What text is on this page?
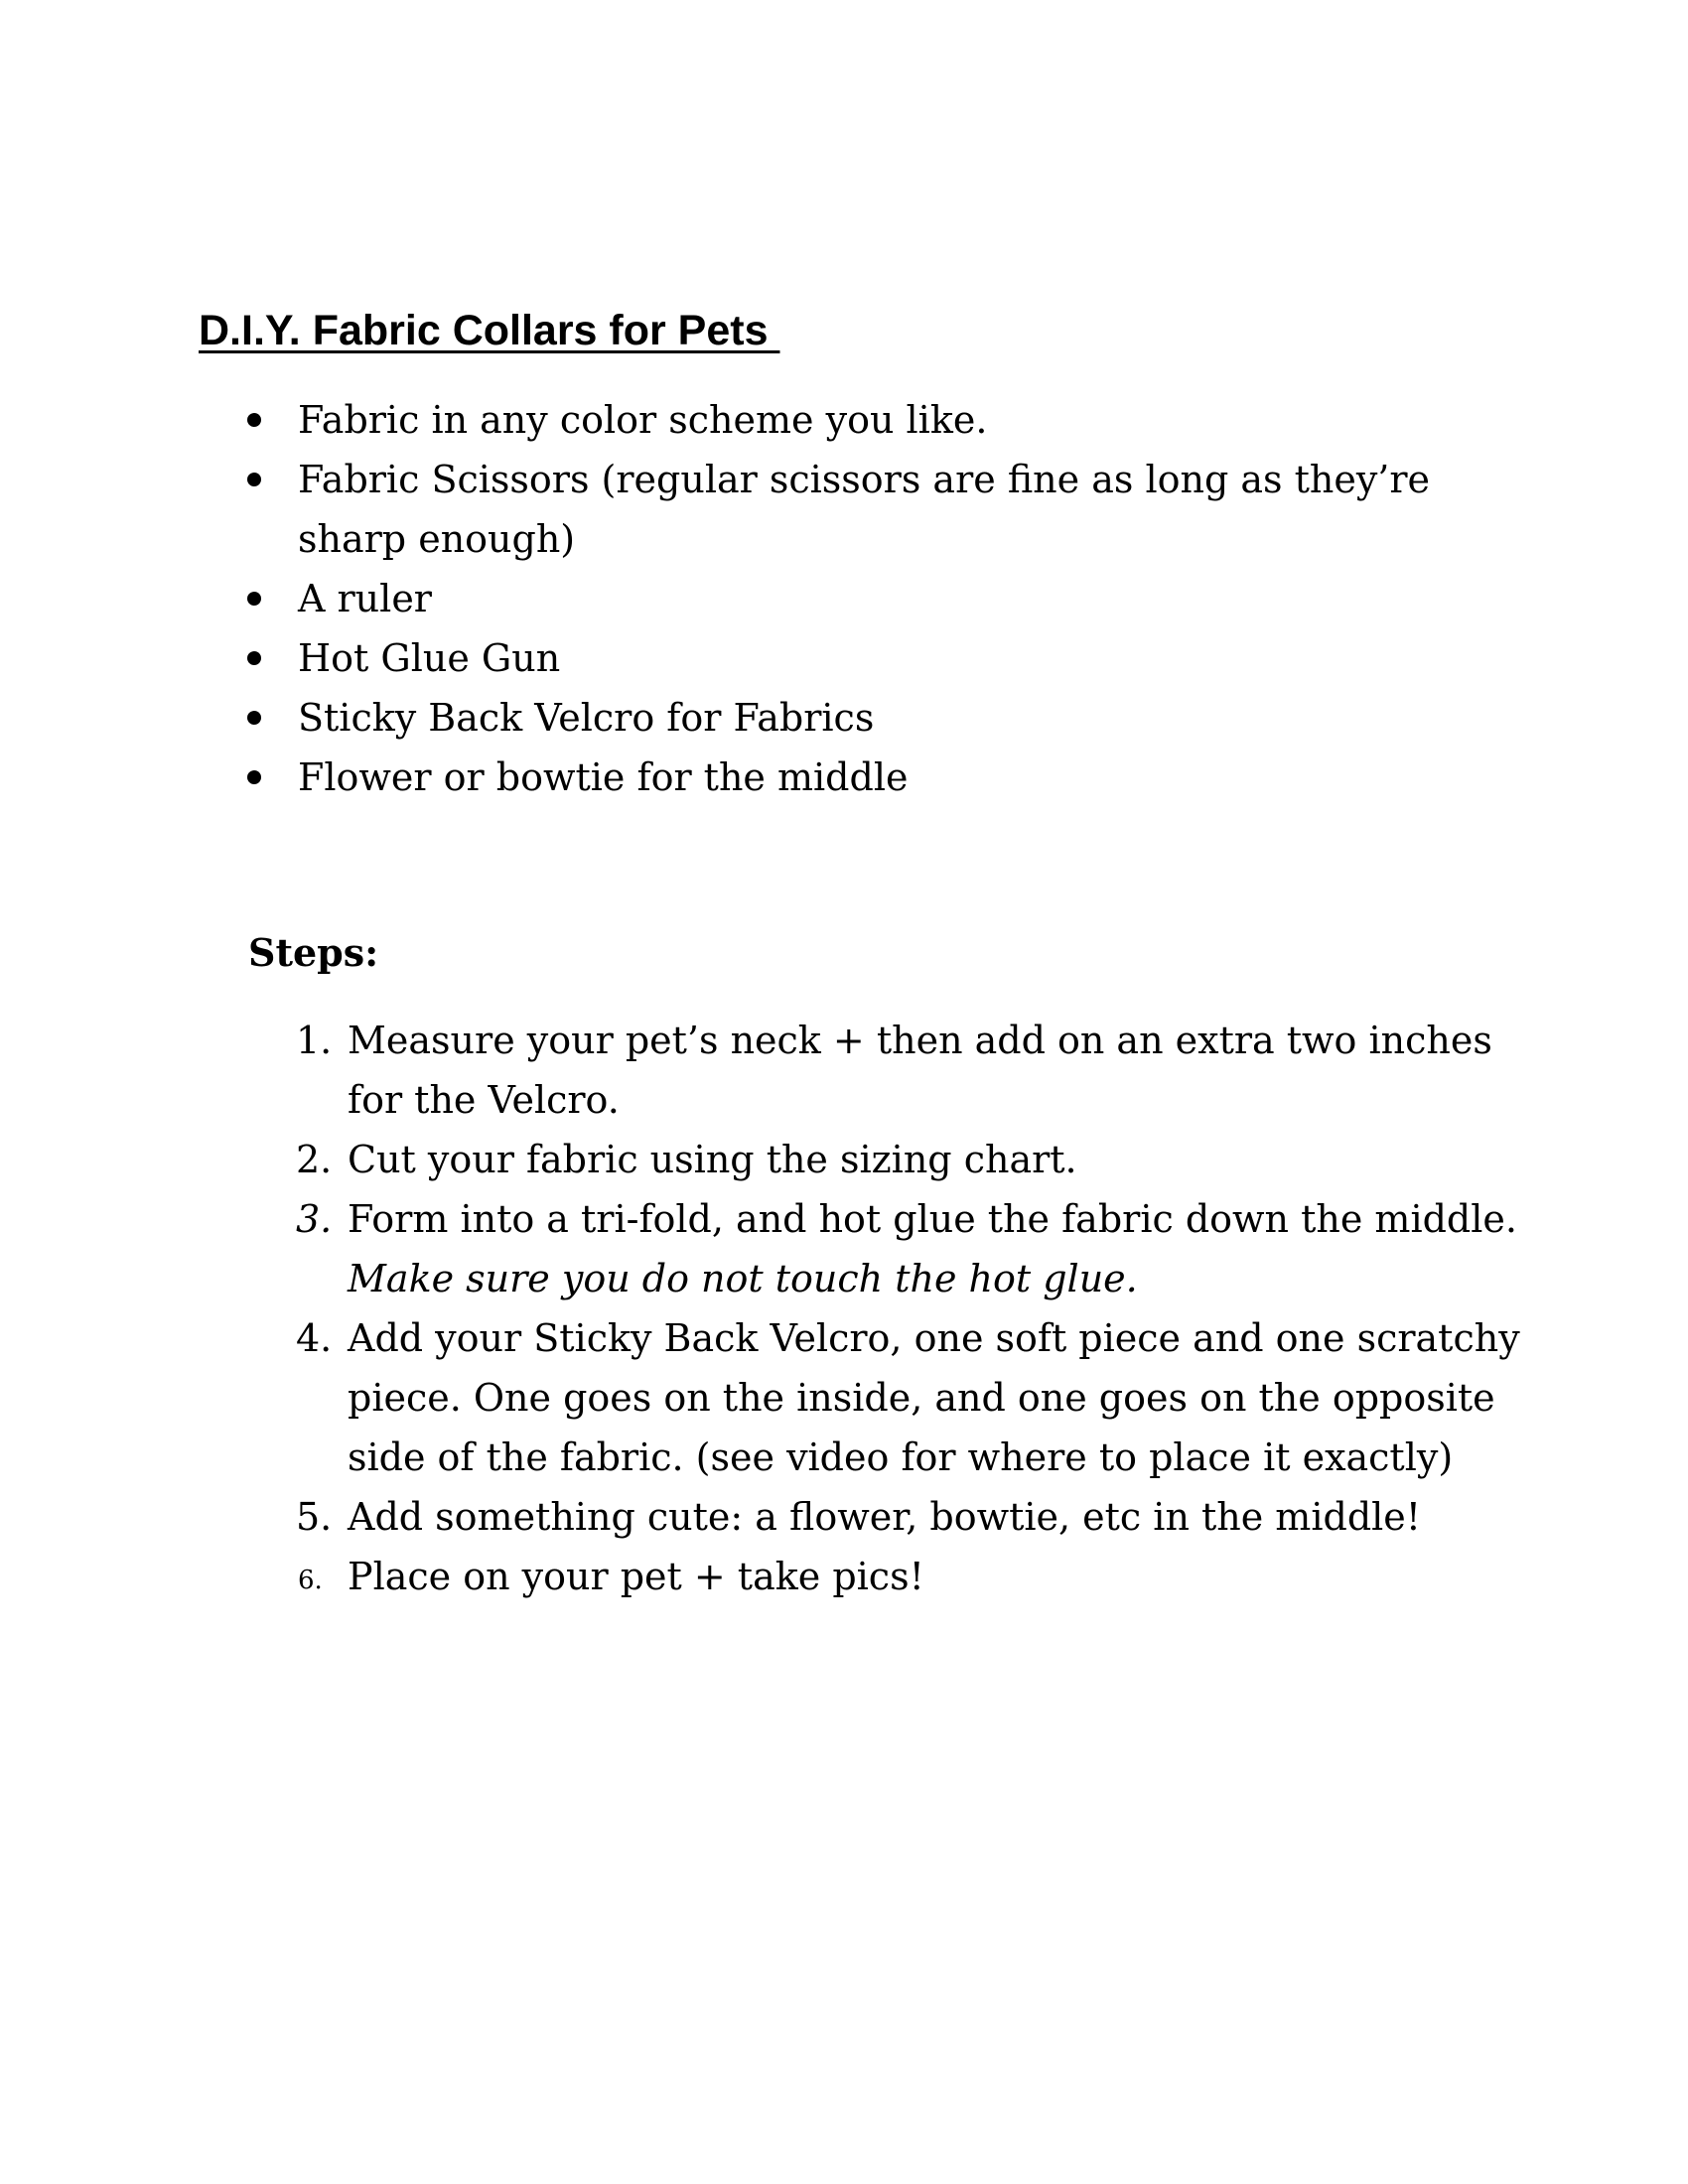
D.I.Y. Fabric Collars for Pets
Fabric in any color scheme you like.
Fabric Scissors (regular scissors are fine as long as they’re sharp enough)
A ruler
Hot Glue Gun
Sticky Back Velcro for Fabrics
Flower or bowtie for the middle
Steps:
1. Measure your pet’s neck + then add on an extra two inches for the Velcro.
2. Cut your fabric using the sizing chart.
3. Form into a tri-fold, and hot glue the fabric down the middle.
Make sure you do not touch the hot glue.
4. Add your Sticky Back Velcro, one soft piece and one scratchy piece. One goes on the inside, and one goes on the opposite side of the fabric. (see video for where to place it exactly)
5. Add something cute: a flower, bowtie, etc in the middle!
6. Place on your pet + take pics!
